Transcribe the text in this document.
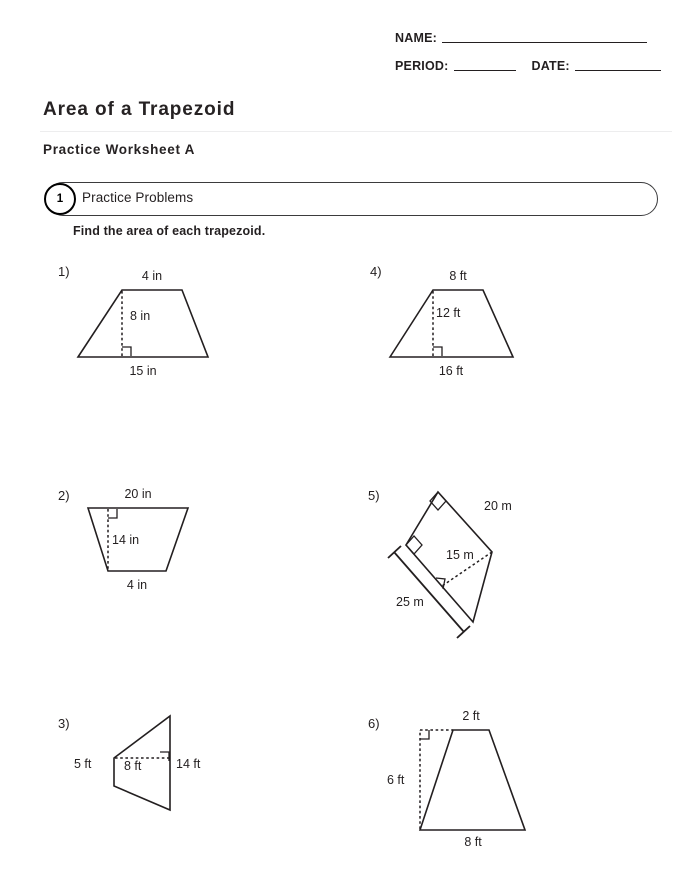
NAME:
PERIOD:	DATE:
Area of a Trapezoid
Practice Worksheet A
1	Practice Problems
Find the area of each trapezoid.
1)	4 in
8 in
15 in
4)	8 ft
12 ft
16 ft
2)	20 in
14 in
4 in
5)
20 m
15 m
25 m
3)
5 ft	8 ft	14 ft
6)	2 ft
6 ft
8 ft
